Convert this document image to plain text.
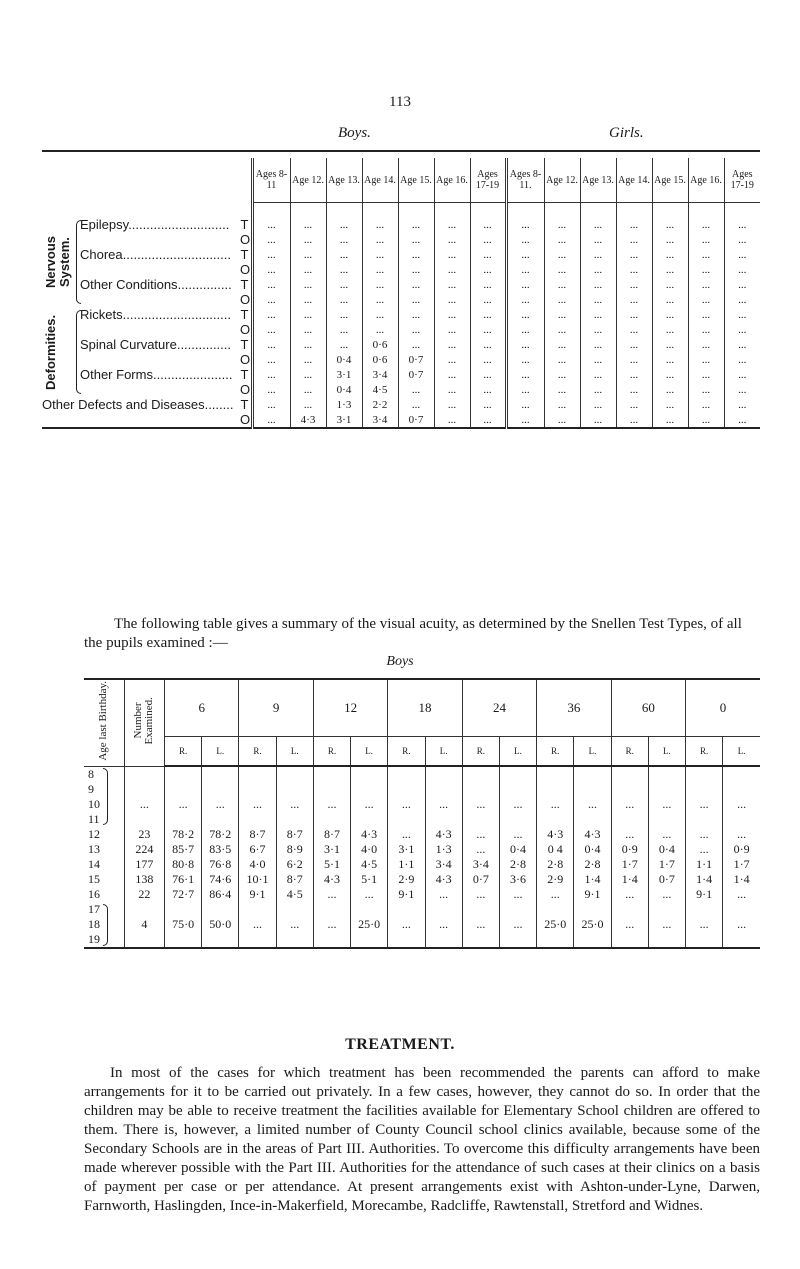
113
Boys.	Girls.
		Ages 8-11	Age 12.	Age 13.	Age 14.	Age 15.	Age 16.	Ages 17-19	Ages 8-11.	Age 12.	Age 13.	Age 14.	Age 15.	Age 16.	Ages 17-19

Epilepsy............................	T	...	...	...	...	...	...	...	...	...	...	...	...	...	...
	O	...	...	...	...	...	...	...	...	...	...	...	...	...	...
Chorea..............................	T	...	...	...	...	...	...	...	...	...	...	...	...	...	...
	O	...	...	...	...	...	...	...	...	...	...	...	...	...	...
Other Conditions...............	T	...	...	...	...	...	...	...	...	...	...	...	...	...	...
	O	...	...	...	...	...	...	...	...	...	...	...	...	...	...
Rickets..............................	T	...	...	...	...	...	...	...	...	...	...	...	...	...	...
	O	...	...	...	...	...	...	...	...	...	...	...	...	...	...
Spinal Curvature...............	T	...	...	...	0·6	...	...	...	...	...	...	...	...	...	...
	O	...	...	0·4	0·6	0·7	...	...	...	...	...	...	...	...	...
Other Forms......................	T	...	...	3·1	3·4	0·7	...	...	...	...	...	...	...	...	...
	O	...	...	0·4	4·5	...	...	...	...	...	...	...	...	...	...
Other Defects and Diseases........	T	...	...	1·3	2·2	...	...	...	...	...	...	...	...	...	...
	O	...	4·3	3·1	3·4	0·7	...	...	...	...	...	...	...	...	...
Nervous System.
Deformities.
The following table gives a summary of the visual acuity, as determined by the Snellen Test Types, of all the pupils examined :—
Boys
Age last Birthday.	Number Examined.	6		9		12		18		24		36		60		0	
		R.	L.	R.	L.	R.	L.	R.	L.	R.	L.	R.	L.	R.	L.	R.	L.
8																	
9																	
10	...	...	...	...	...	...	...	...	...	...	...	...	...	...	...	...	...
11																	
12	23	78·2	78·2	8·7	8·7	8·7	4·3	...	4·3	...	...	4·3	4·3	...	...	...	...
13	224	85·7	83·5	6·7	8·9	3·1	4·0	3·1	1·3	...	0·4	0 4	0·4	0·9	0·4	...	0·9
14	177	80·8	76·8	4·0	6·2	5·1	4·5	1·1	3·4	3·4	2·8	2·8	2·8	1·7	1·7	1·1	1·7
15	138	76·1	74·6	10·1	8·7	4·3	5·1	2·9	4·3	0·7	3·6	2·9	1·4	1·4	0·7	1·4	1·4
16	22	72·7	86·4	9·1	4·5	...	...	9·1	...	...	...	...	9·1	...	...	9·1	...
17																	
18	4	75·0	50·0	...	...	...	25·0	...	...	...	...	25·0	25·0	...	...	...	...
19																	
TREATMENT.
In most of the cases for which treatment has been recommended the parents can afford to make arrangements for it to be carried out privately. In a few cases, however, they cannot do so. In order that the children may be able to receive treatment the facilities available for Elementary School children are offered to them. There is, however, a limited number of County Council school clinics available, because some of the Secondary Schools are in the areas of Part III. Authorities. To overcome this difficulty arrangements have been made wherever possible with the Part III. Authorities for the attendance of such cases at their clinics on a basis of payment per case or per attendance. At present arrangements exist with Ashton-under-Lyne, Darwen, Farnworth, Haslingden, Ince-in-Makerfield, Morecambe, Radcliffe, Rawtenstall, Stretford and Widnes.
